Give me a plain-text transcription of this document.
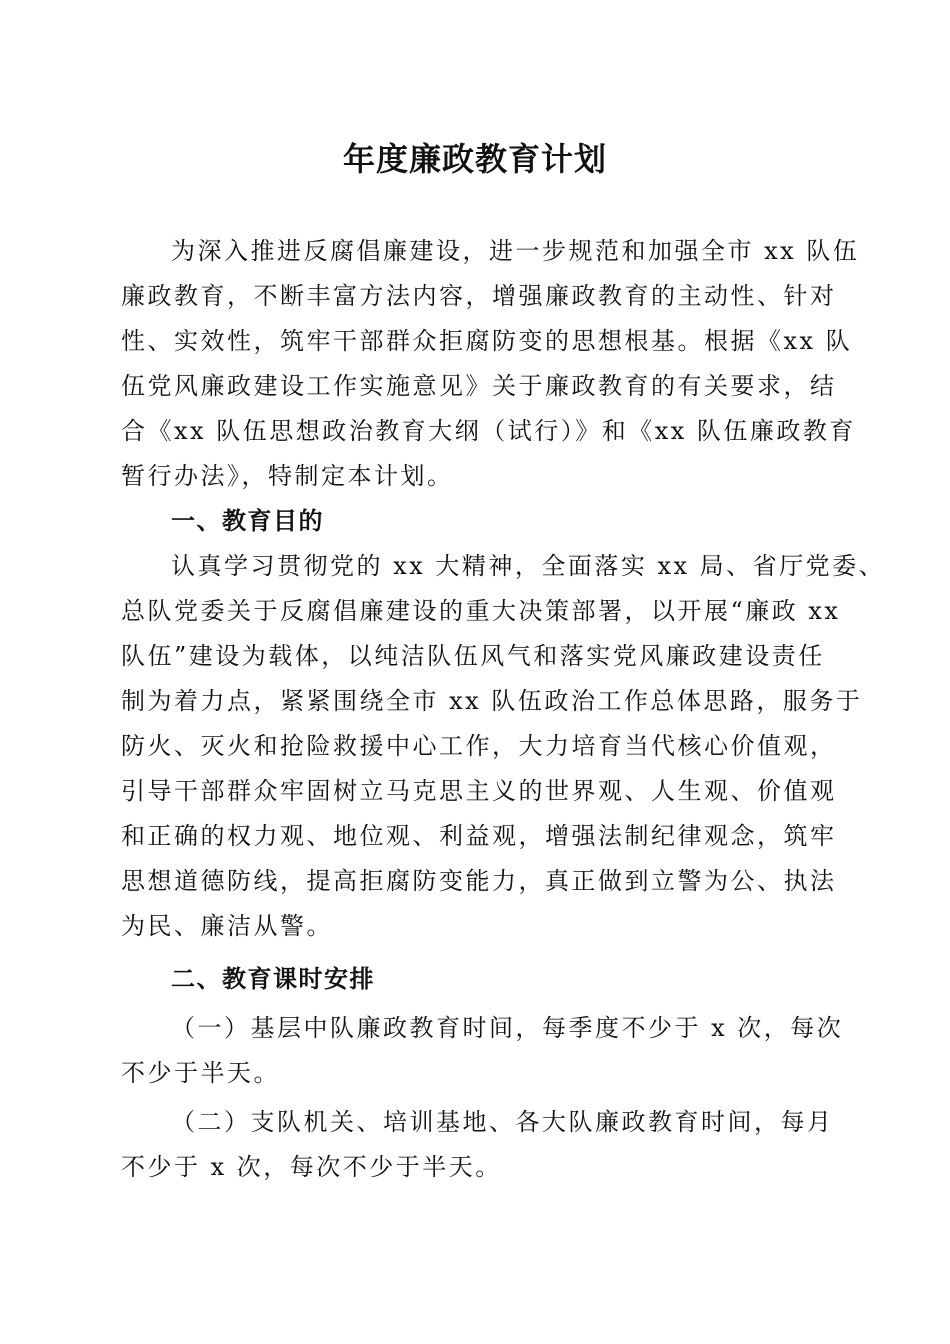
年度廉政教育计划

为深入推进反腐倡廉建设，进一步规范和加强全市 xx 队伍
廉政教育，不断丰富方法内容，增强廉政教育的主动性、针对
性、实效性，筑牢干部群众拒腐防变的思想根基。根据《xx 队
伍党风廉政建设工作实施意见》关于廉政教育的有关要求，结
合《xx 队伍思想政治教育大纲（试行）》和《xx 队伍廉政教育
暂行办法》，特制定本计划。

一、教育目的

认真学习贯彻党的 xx 大精神，全面落实 xx 局、省厅党委、
总队党委关于反腐倡廉建设的重大决策部署，以开展“廉政 xx
队伍”建设为载体，以纯洁队伍风气和落实党风廉政建设责任
制为着力点，紧紧围绕全市 xx 队伍政治工作总体思路，服务于
防火、灭火和抢险救援中心工作，大力培育当代核心价值观，
引导干部群众牢固树立马克思主义的世界观、人生观、价值观
和正确的权力观、地位观、利益观，增强法制纪律观念，筑牢
思想道德防线，提高拒腐防变能力，真正做到立警为公、执法
为民、廉洁从警。

二、教育课时安排

（一）基层中队廉政教育时间，每季度不少于 x 次，每次
不少于半天。

（二）支队机关、培训基地、各大队廉政教育时间，每月
不少于 x 次，每次不少于半天。
